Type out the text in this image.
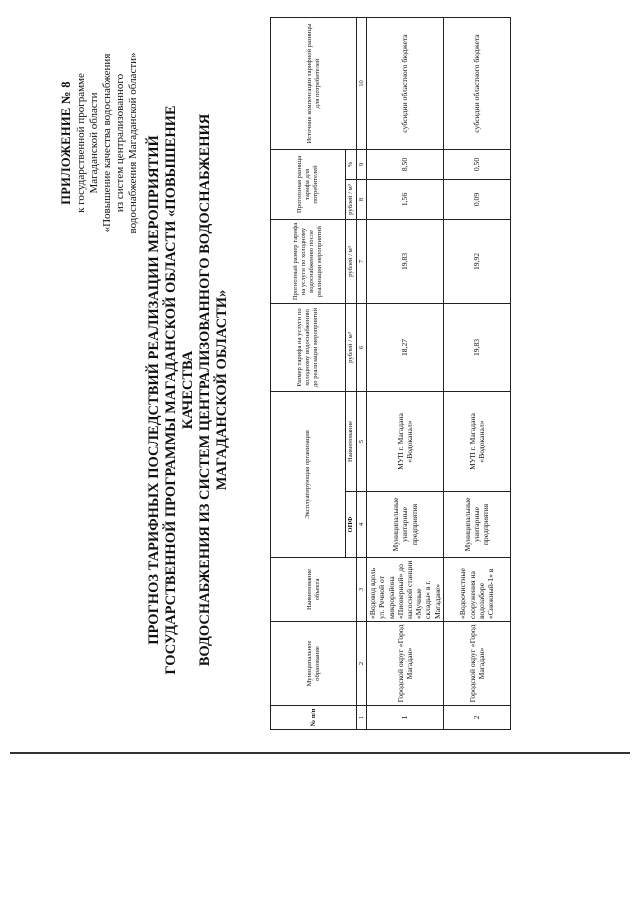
ПРИЛОЖЕНИЕ № 8 к государственной программе Магаданской области «Повышение качества водоснабжения из систем централизованного водоснабжения Магаданской области» ПРОГНОЗ ТАРИФНЫХ ПОСЛЕДСТВИЙ РЕАЛИЗАЦИИ МЕРОПРИЯТИЙ ГОСУДАРСТВЕННОЙ ПРОГРАММЫ МАГАДАНСКОЙ ОБЛАСТИ «ПОВЫШЕНИЕ КАЧЕСТВА ВОДОСНАБЖЕНИЯ ИЗ СИСТЕМ ЦЕНТРАЛИЗОВАННОГО ВОДОСНАБЖЕНИЯ МАГАДАНСКОЙ ОБЛАСТИ»
№ п/п	Муниципальное образование	Наименование объекта	Эксплуатирующая организация		Размер тарифа на услуги по холодному водоснабжению до реализации мероприятий	Прогнозный размер тарифа на услуги по холодному водоснабжению после реализации мероприятий	Прогнозная разница тарифа для потребителей		Источник компенсации тарифной разницы для потребителей
			ОПФ	Наименование	рублей / м³	рублей / м³	рублей / м³	%	
1	2	3	4	5	6	7	8	9	10
1	Городской округ «Город Магадан»	«Водовод вдоль ул. Речной от микрорайона «Пионерный» до насосной станции «Мучные склады» в г. Магадане»	Муниципальные унитарные предприятия	МУП г. Магадана «Водоканал»	18,27	19,83	1,56	8,50	субсидии областного бюджета
2	Городской округ «Город Магадан»	«Водоочистные сооружения на водозаборе «Снежный-1» в	Муниципальные унитарные предприятия	МУП г. Магадана «Водоканал»	19,83	19,92	0,09	0,50	субсидии областного бюджета
